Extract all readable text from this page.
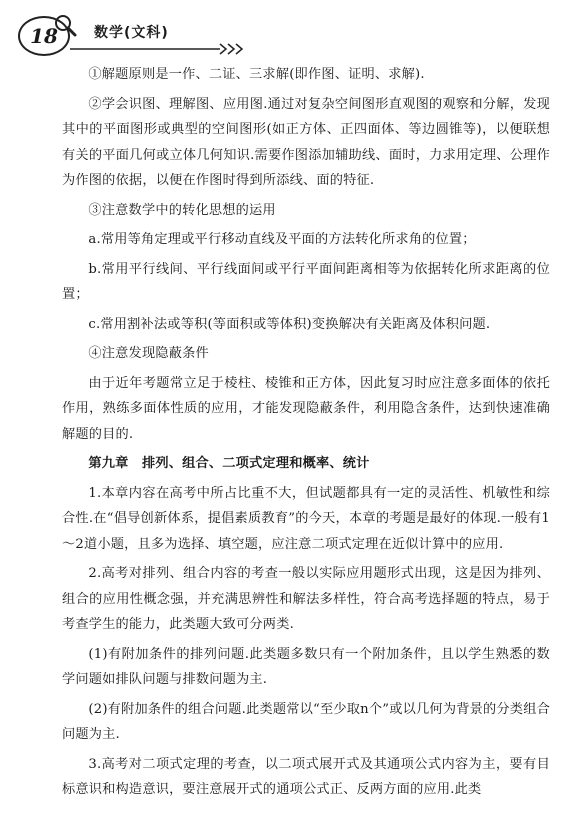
18	数学(文科)

①解题原则是一作、二证、三求解(即作图、证明、求解).

②学会识图、理解图、应用图.通过对复杂空间图形直观图的观察和分解，发现其中的平面图形或典型的空间图形(如正方体、正四面体、等边圆锥等)，以便联想有关的平面几何或立体几何知识.需要作图添加辅助线、面时，力求用定理、公理作为作图的依据，以便在作图时得到所添线、面的特征.

③注意数学中的转化思想的运用

a.常用等角定理或平行移动直线及平面的方法转化所求角的位置；

b.常用平行线间、平行线面间或平行平面间距离相等为依据转化所求距离的位置；

c.常用割补法或等积(等面积或等体积)变换解决有关距离及体积问题.

④注意发现隐蔽条件

由于近年考题常立足于棱柱、棱锥和正方体，因此复习时应注意多面体的依托作用，熟练多面体性质的应用，才能发现隐蔽条件，利用隐含条件，达到快速准确解题的目的.

第九章　排列、组合、二项式定理和概率、统计

1.本章内容在高考中所占比重不大，但试题都具有一定的灵活性、机敏性和综合性.在“倡导创新体系，提倡素质教育”的今天，本章的考题是最好的体现.一般有1～2道小题，且多为选择、填空题，应注意二项式定理在近似计算中的应用.

2.高考对排列、组合内容的考查一般以实际应用题形式出现，这是因为排列、组合的应用性概念强，并充满思辨性和解法多样性，符合高考选择题的特点，易于考查学生的能力，此类题大致可分两类.

(1)有附加条件的排列问题.此类题多数只有一个附加条件，且以学生熟悉的数学问题如排队问题与排数问题为主.

(2)有附加条件的组合问题.此类题常以“至少取n个”或以几何为背景的分类组合问题为主.

3.高考对二项式定理的考查，以二项式展开式及其通项公式内容为主，要有目标意识和构造意识，要注意展开式的通项公式正、反两方面的应用.此类
